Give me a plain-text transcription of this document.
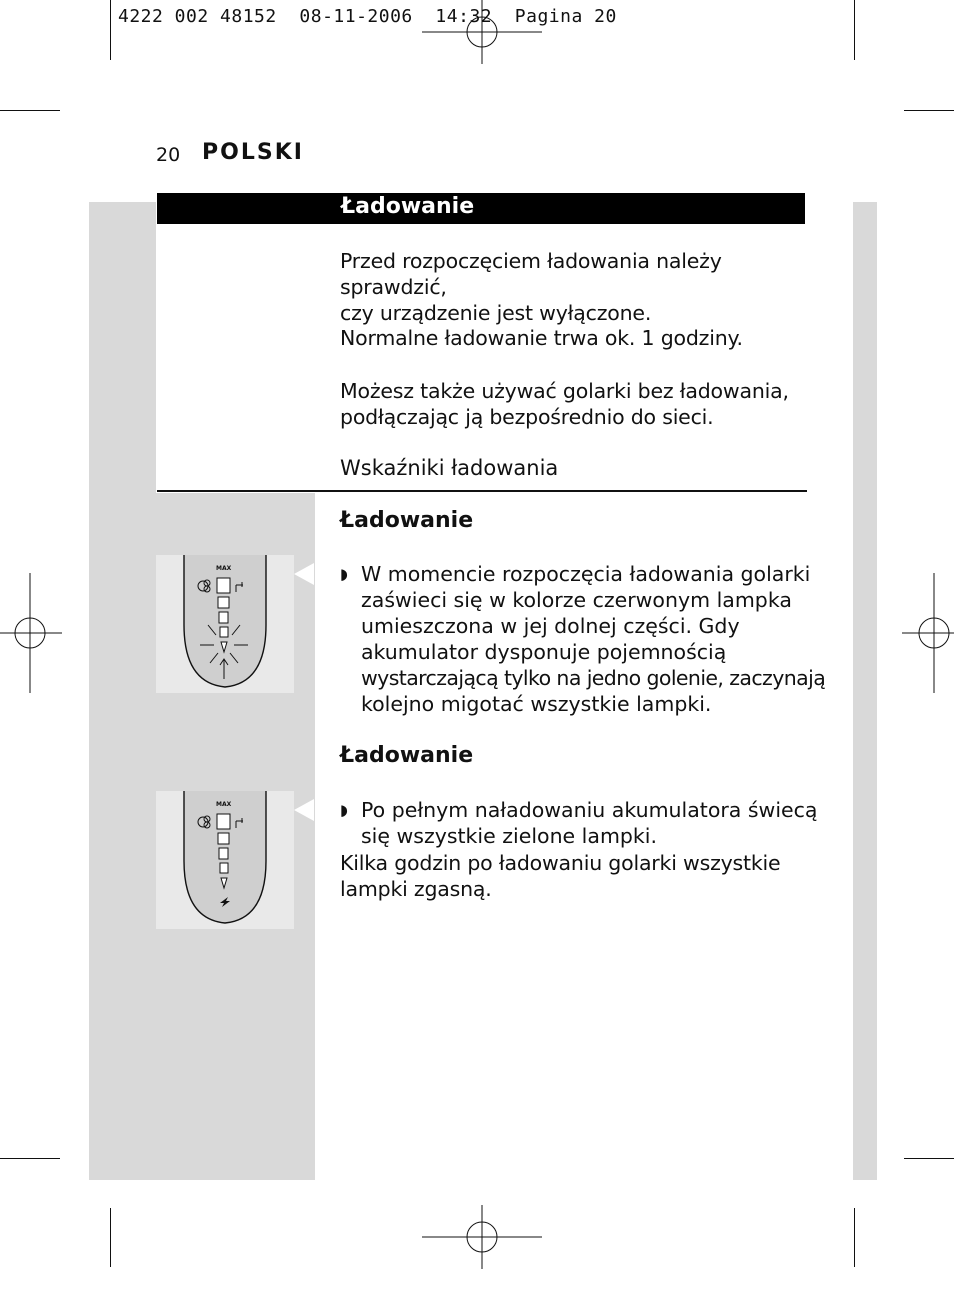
4222 002 48152  08-11-2006  14:32  Pagina 20
20 POLSKI
Ładowanie
Przed rozpoczęciem ładowania należy sprawdzić,
czy urządzenie jest wyłączone.
Normalne ładowanie trwa ok. 1 godziny.
Możesz także używać golarki bez ładowania,
podłączając ją bezpośrednio do sieci.
Wskaźniki ładowania
Ładowanie
MAX	◗ W momencie rozpoczęcia ładowania golarki
zaświeci się w kolorze czerwonym lampka
umieszczona w jej dolnej części. Gdy
akumulator dysponuje pojemnością
wystarczającą tylko na jedno golenie, zaczynają
kolejno migotać wszystkie lampki.
Ładowanie
MAX	◗ Po pełnym naładowaniu akumulatora świecą
się wszystkie zielone lampki.
Kilka godzin po ładowaniu golarki wszystkie
lampki zgasną.
